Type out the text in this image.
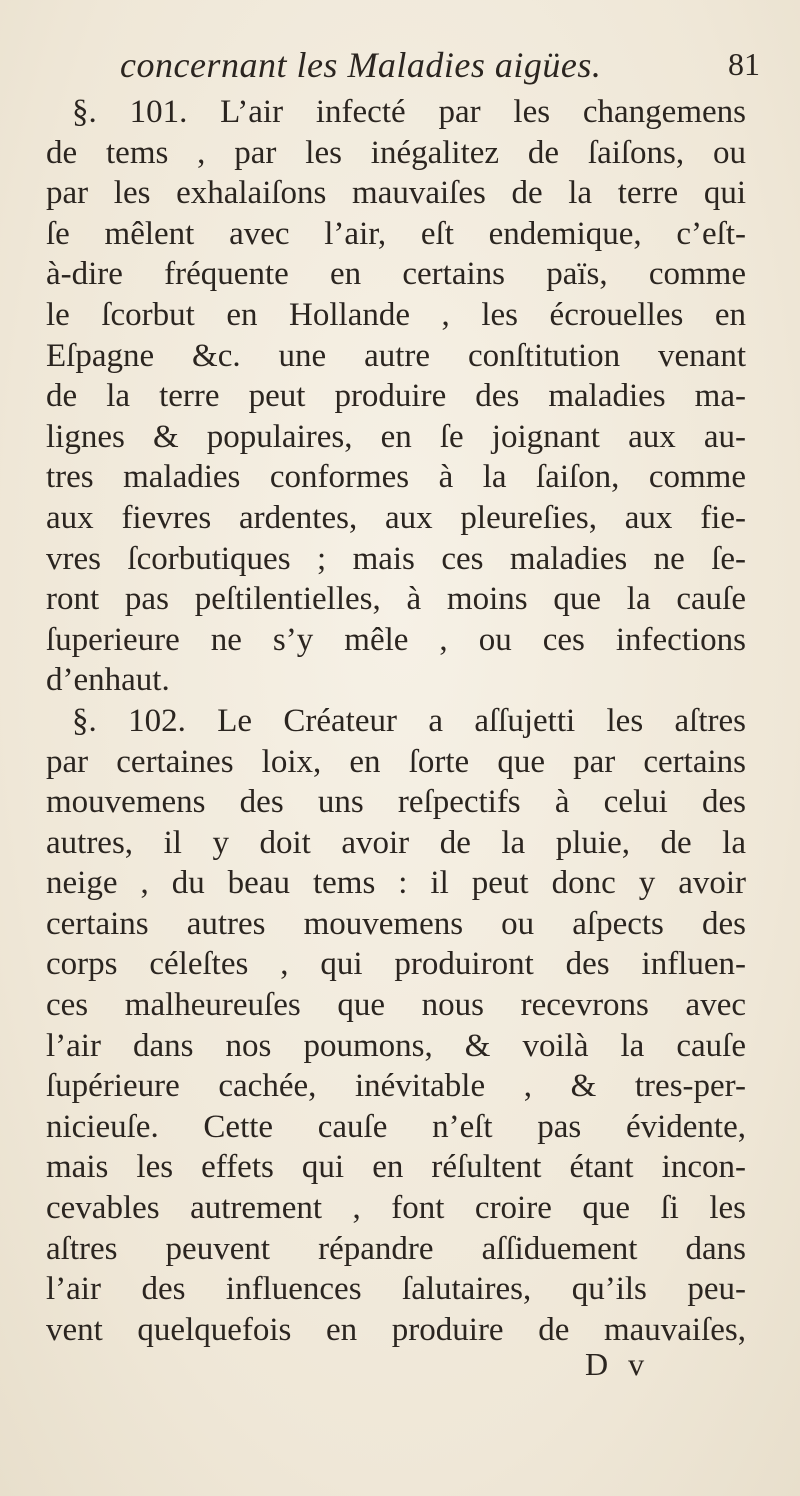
concernant les Maladies aigües.	81
§. 101. L’air infecté par les changemens
de tems , par les inégalitez de ſaiſons, ou
par les exhalaiſons mauvaiſes de la terre qui
ſe mêlent avec l’air, eſt endemique, c’eſt-
à-dire fréquente en certains païs, comme
le ſcorbut en Hollande , les écrouelles en
Eſpagne &c. une autre conſtitution venant
de la terre peut produire des maladies ma-
lignes & populaires, en ſe joignant aux au-
tres maladies conformes à la ſaiſon, comme
aux fievres ardentes, aux pleureſies, aux fie-
vres ſcorbutiques ; mais ces maladies ne ſe-
ront pas peſtilentielles, à moins que la cauſe
ſuperieure ne s’y mêle , ou ces infections
d’enhaut.
§. 102. Le Créateur a aſſujetti les aſtres
par certaines loix, en ſorte que par certains
mouvemens des uns reſpectifs à celui des
autres, il y doit avoir de la pluie, de la
neige , du beau tems : il peut donc y avoir
certains autres mouvemens ou aſpects des
corps céleſtes , qui produiront des influen-
ces malheureuſes que nous recevrons avec
l’air dans nos poumons, & voilà la cauſe
ſupérieure cachée, inévitable , & tres-per-
nicieuſe. Cette cauſe n’eſt pas évidente,
mais les effets qui en réſultent étant incon-
cevables autrement , font croire que ſi les
aſtres peuvent répandre aſſiduement dans
l’air des influences ſalutaires, qu’ils peu-
vent quelquefois en produire de mauvaiſes,
D v
